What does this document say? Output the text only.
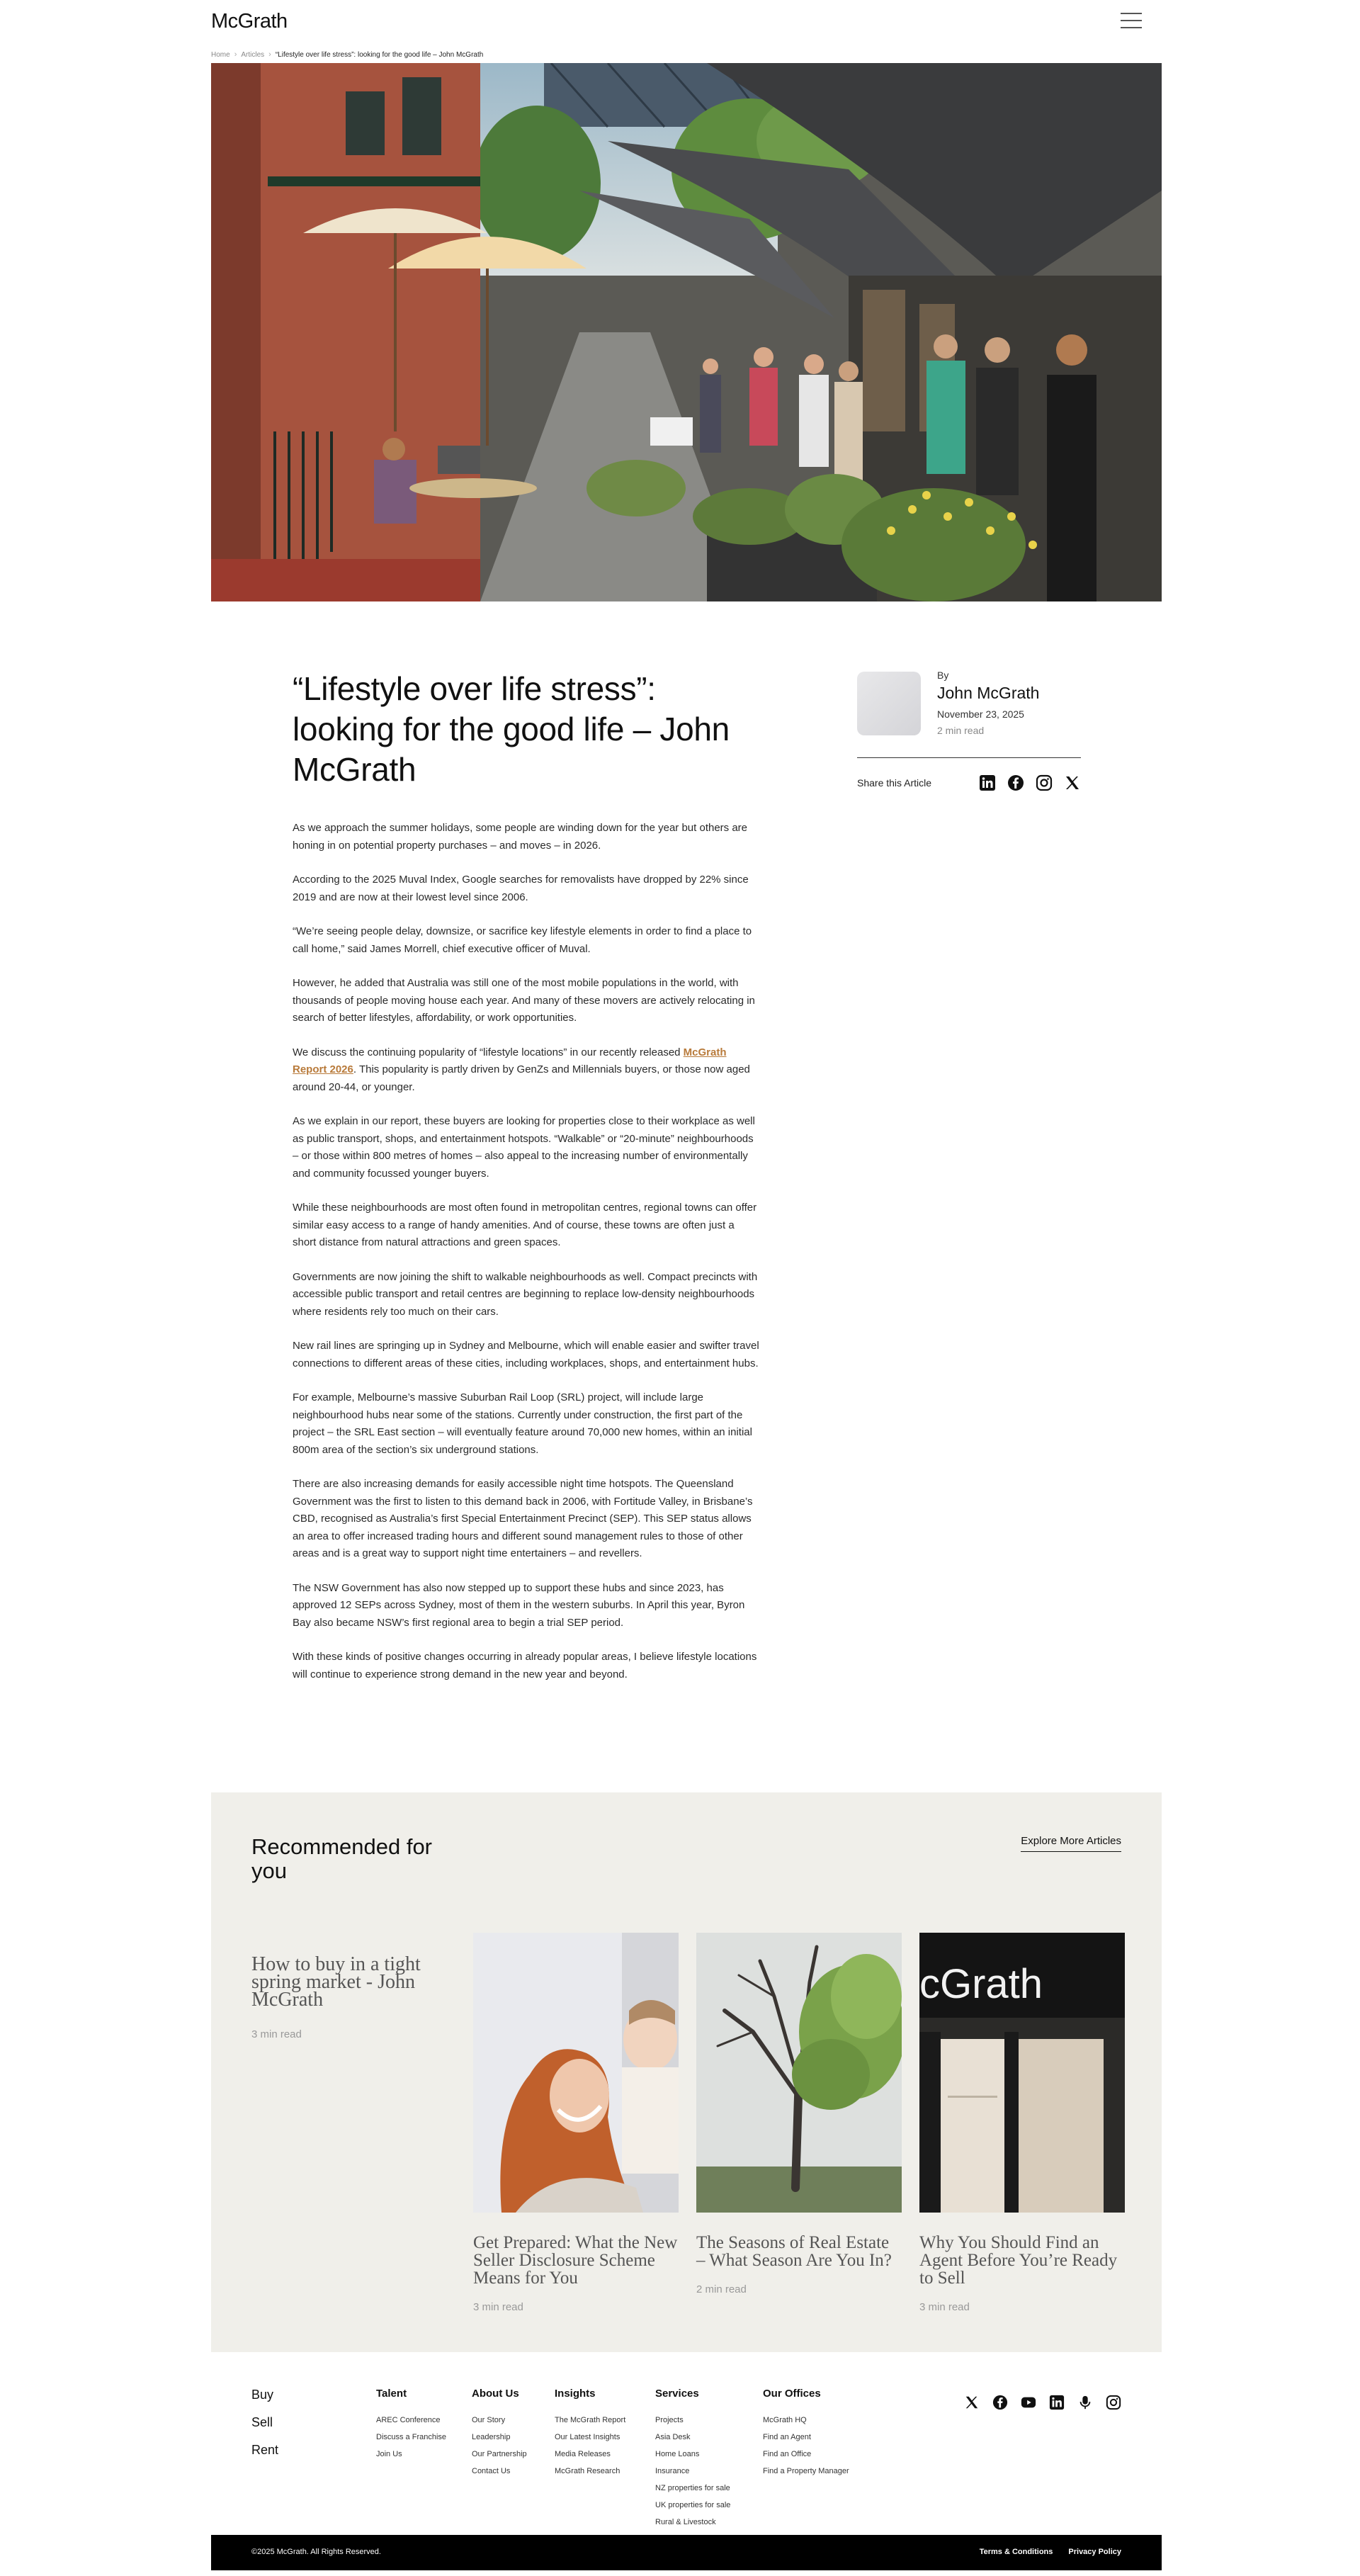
McGrath
Home › Articles › “Lifestyle over life stress”: looking for the good life – John McGrath
“Lifestyle over life stress”: looking for the good life – John McGrath

As we approach the summer holidays, some people are winding down for the year but others are honing in on potential property purchases – and moves – in 2026.

According to the 2025 Muval Index, Google searches for removalists have dropped by 22% since 2019 and are now at their lowest level since 2006.

“We’re seeing people delay, downsize, or sacrifice key lifestyle elements in order to find a place to call home,” said James Morrell, chief executive officer of Muval.

However, he added that Australia was still one of the most mobile populations in the world, with thousands of people moving house each year. And many of these movers are actively relocating in search of better lifestyles, affordability, or work opportunities.

We discuss the continuing popularity of “lifestyle locations” in our recently released McGrath Report 2026. This popularity is partly driven by GenZs and Millennials buyers, or those now aged around 20-44, or younger.

As we explain in our report, these buyers are looking for properties close to their workplace as well as public transport, shops, and entertainment hotspots. “Walkable” or “20-minute” neighbourhoods – or those within 800 metres of homes – also appeal to the increasing number of environmentally and community focussed younger buyers.

While these neighbourhoods are most often found in metropolitan centres, regional towns can offer similar easy access to a range of handy amenities. And of course, these towns are often just a short distance from natural attractions and green spaces.

Governments are now joining the shift to walkable neighbourhoods as well. Compact precincts with accessible public transport and retail centres are beginning to replace low-density neighbourhoods where residents rely too much on their cars.

New rail lines are springing up in Sydney and Melbourne, which will enable easier and swifter travel connections to different areas of these cities, including workplaces, shops, and entertainment hubs.

For example, Melbourne’s massive Suburban Rail Loop (SRL) project, will include large neighbourhood hubs near some of the stations. Currently under construction, the first part of the project – the SRL East section – will eventually feature around 70,000 new homes, within an initial 800m area of the section’s six underground stations.

There are also increasing demands for easily accessible night time hotspots. The Queensland Government was the first to listen to this demand back in 2006, with Fortitude Valley, in Brisbane’s CBD, recognised as Australia’s first Special Entertainment Precinct (SEP). This SEP status allows an area to offer increased trading hours and different sound management rules to those of other areas and is a great way to support night time entertainers – and revellers.

The NSW Government has also now stepped up to support these hubs and since 2023, has approved 12 SEPs across Sydney, most of them in the western suburbs. In April this year, Byron Bay also became NSW’s first regional area to begin a trial SEP period.

With these kinds of positive changes occurring in already popular areas, I believe lifestyle locations will continue to experience strong demand in the new year and beyond.

By
John McGrath
November 23, 2025
2 min read
Share this Article
Recommended for you
Explore More Articles
How to buy in a tight spring market - John McGrath
3 min read
Get Prepared: What the New Seller Disclosure Scheme Means for You
3 min read
The Seasons of Real Estate – What Season Are You In?
2 min read
cGrath
Why You Should Find an Agent Before You’re Ready to Sell
3 min read
Buy
Sell
Rent
Talent
AREC Conference
Discuss a Franchise
Join Us
About Us
Our Story
Leadership
Our Partnership
Contact Us
Insights
The McGrath Report
Our Latest Insights
Media Releases
McGrath Research
Services
Projects
Asia Desk
Home Loans
Insurance
NZ properties for sale
UK properties for sale
Rural & Livestock
Our Offices
McGrath HQ
Find an Agent
Find an Office
Find a Property Manager
©2025 McGrath. All Rights Reserved.	Terms & Conditions Privacy Policy
